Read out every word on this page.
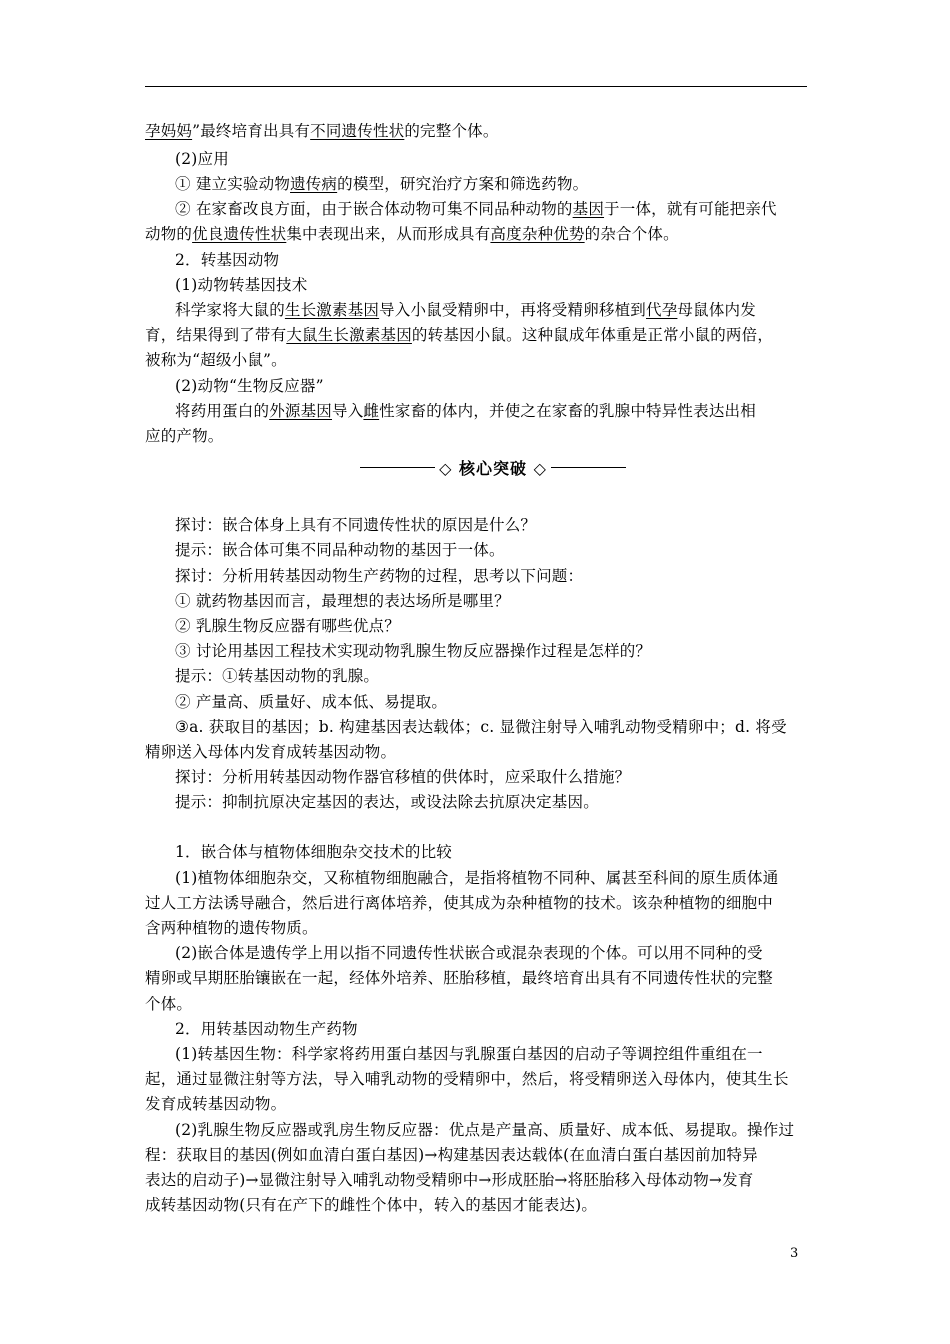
孕妈妈”最终培育出具有不同遗传性状的完整个体。
(2)应用
① 建立实验动物遗传病的模型，研究治疗方案和筛选药物。
② 在家畜改良方面，由于嵌合体动物可集不同品种动物的基因于一体，就有可能把亲代
动物的优良遗传性状集中表现出来，从而形成具有高度杂种优势的杂合个体。
2．转基因动物
(1)动物转基因技术
科学家将大鼠的生长激素基因导入小鼠受精卵中，再将受精卵移植到代孕母鼠体内发
育，结果得到了带有大鼠生长激素基因的转基因小鼠。这种鼠成年体重是正常小鼠的两倍，
被称为“超级小鼠”。
(2)动物“生物反应器”
将药用蛋白的外源基因导入雌性家畜的体内，并使之在家畜的乳腺中特异性表达出相
应的产物。
◇ 核心突破 ◇
探讨：嵌合体身上具有不同遗传性状的原因是什么？
提示：嵌合体可集不同品种动物的基因于一体。
探讨：分析用转基因动物生产药物的过程，思考以下问题：
① 就药物基因而言，最理想的表达场所是哪里？
② 乳腺生物反应器有哪些优点？
③ 讨论用基因工程技术实现动物乳腺生物反应器操作过程是怎样的？
提示：①转基因动物的乳腺。
② 产量高、质量好、成本低、易提取。
③a. 获取目的基因；b. 构建基因表达载体；c. 显微注射导入哺乳动物受精卵中；d. 将受
精卵送入母体内发育成转基因动物。
探讨：分析用转基因动物作器官移植的供体时，应采取什么措施？
提示：抑制抗原决定基因的表达，或设法除去抗原决定基因。
1．嵌合体与植物体细胞杂交技术的比较
(1)植物体细胞杂交，又称植物细胞融合，是指将植物不同种、属甚至科间的原生质体通
过人工方法诱导融合，然后进行离体培养，使其成为杂种植物的技术。该杂种植物的细胞中
含两种植物的遗传物质。
(2)嵌合体是遗传学上用以指不同遗传性状嵌合或混杂表现的个体。可以用不同种的受
精卵或早期胚胎镶嵌在一起，经体外培养、胚胎移植，最终培育出具有不同遗传性状的完整
个体。
2．用转基因动物生产药物
(1)转基因生物：科学家将药用蛋白基因与乳腺蛋白基因的启动子等调控组件重组在一
起，通过显微注射等方法，导入哺乳动物的受精卵中，然后，将受精卵送入母体内，使其生长
发育成转基因动物。
(2)乳腺生物反应器或乳房生物反应器：优点是产量高、质量好、成本低、易提取。操作过
程：获取目的基因(例如血清白蛋白基因)→构建基因表达载体(在血清白蛋白基因前加特异
表达的启动子)→显微注射导入哺乳动物受精卵中→形成胚胎→将胚胎移入母体动物→发育
成转基因动物(只有在产下的雌性个体中，转入的基因才能表达)。
3
